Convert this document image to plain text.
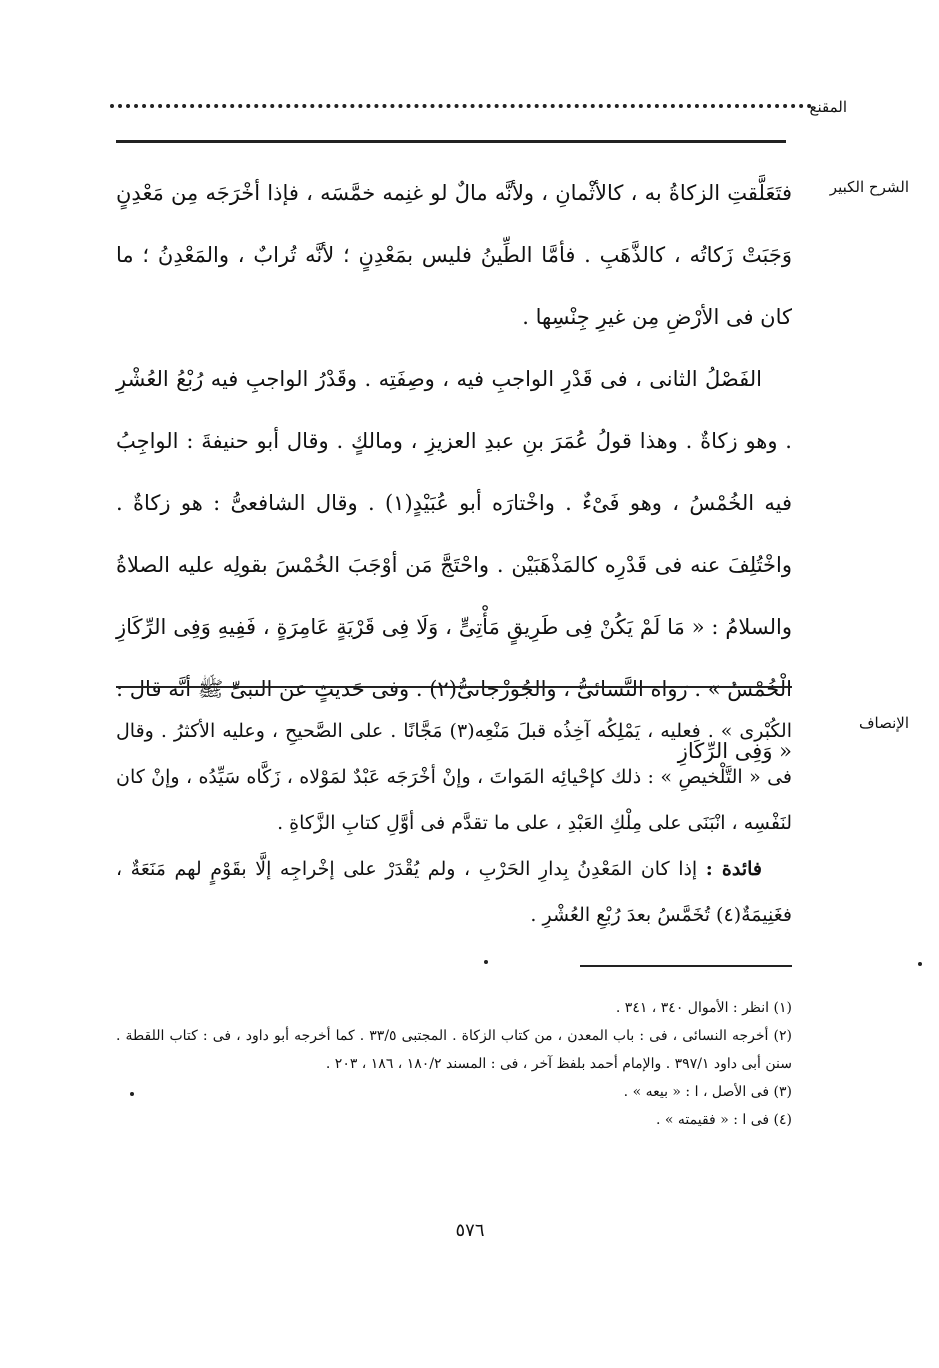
المقنع
الشرح الكبير

فتَعَلَّقتِ الزكاةُ به ، كالأثْمانِ ، ولأنَّه مالٌ لو غنِمه خمَّسَه ، فإذا أخْرَجَه مِن مَعْدِنٍ وَجَبَتْ زَكاتُه ، كالذَّهَبِ . فأمَّا الطِّينُ فليس بمَعْدِنٍ ؛ لأنَّه تُرابٌ ، والمَعْدِنُ ؛ ما كان فى الأرْضِ مِن غيرِ جِنْسِها .

الفَصْلُ الثانى ، فى قَدْرِ الواجبِ فيه ، وصِفَتِه . وقَدْرُ الواجبِ فيه رُبْعُ العُشْرِ . وهو زكاةٌ . وهذا قولُ عُمَرَ بنِ عبدِ العزيزِ ، ومالكٍ . وقال أبو حنيفةَ : الواجِبُ فيه الخُمْسُ ، وهو فَىْءٌ . واخْتارَه أبو عُبَيْدٍ(١) . وقال الشافعىُّ : هو زكاةٌ . واخْتُلِفَ عنه فى قَدْرِه كالمَذْهَبَيْن . واحْتَجَّ مَن أوْجَبَ الخُمْسَ بقولِه عليه الصلاةُ والسلامُ : « مَا لَمْ يَكُنْ فِى طَرِيقٍ مَأْتِىٍّ ، وَلَا فِى قَرْيَةٍ عَامِرَةٍ ، فَفِيهِ وَفِى الرِّكَازِ الْخُمْسُ » . رَواه النَّسائىُّ ، والجُوزْجانىُّ(٢) . وفى حَديثٍ عن النبىِّ ﷺ أنَّه قال : « وَفِى الرِّكَازِ

الإنصاف

الكُبْرى » . فعليه ، يَمْلِكُه آخِذُه قبلَ مَنْعِه(٣) مَجَّانًا . على الصَّحيحِ ، وعليه الأكثرُ . وقال فى « التَّلْخيصِ » : ذلك كإحْيائِه المَواتَ ، وإنْ أخْرَجَه عَبْدٌ لمَوْلاه ، زَكَّاه سَيِّدُه ، وإنْ كان لنَفْسِه ، انْبَنَى على مِلْكِ العَبْدِ ، على ما تقدَّم فى أوَّلِ كتابِ الزَّكاةِ .

فائدة : إذا كان المَعْدِنُ بِدارِ الحَرْبِ ، ولم يُقْدَرْ على إخْراجِه إلَّا بقَوْمٍ لهم مَنَعَةٌ ، فغَنِيمَةٌ(٤) تُخَمَّسُ بعدَ رُبْعِ العُشْرِ .

(١) انظر : الأموال ٣٤٠ ، ٣٤١ .

(٢) أخرجه النسائى ، فى : باب المعدن ، من كتاب الزكاة . المجتبى ٣٣/٥ . كما أخرجه أبو داود ، فى : كتاب اللقطة . سنن أبى داود ٣٩٧/١ . والإمام أحمد بلفظ آخر ، فى : المسند ١٨٠/٢ ، ١٨٦ ، ٢٠٣ .

(٣) فى الأصل ، ا : « بيعه » .

(٤) فى ا : « فقيمته » .

٥٧٦
